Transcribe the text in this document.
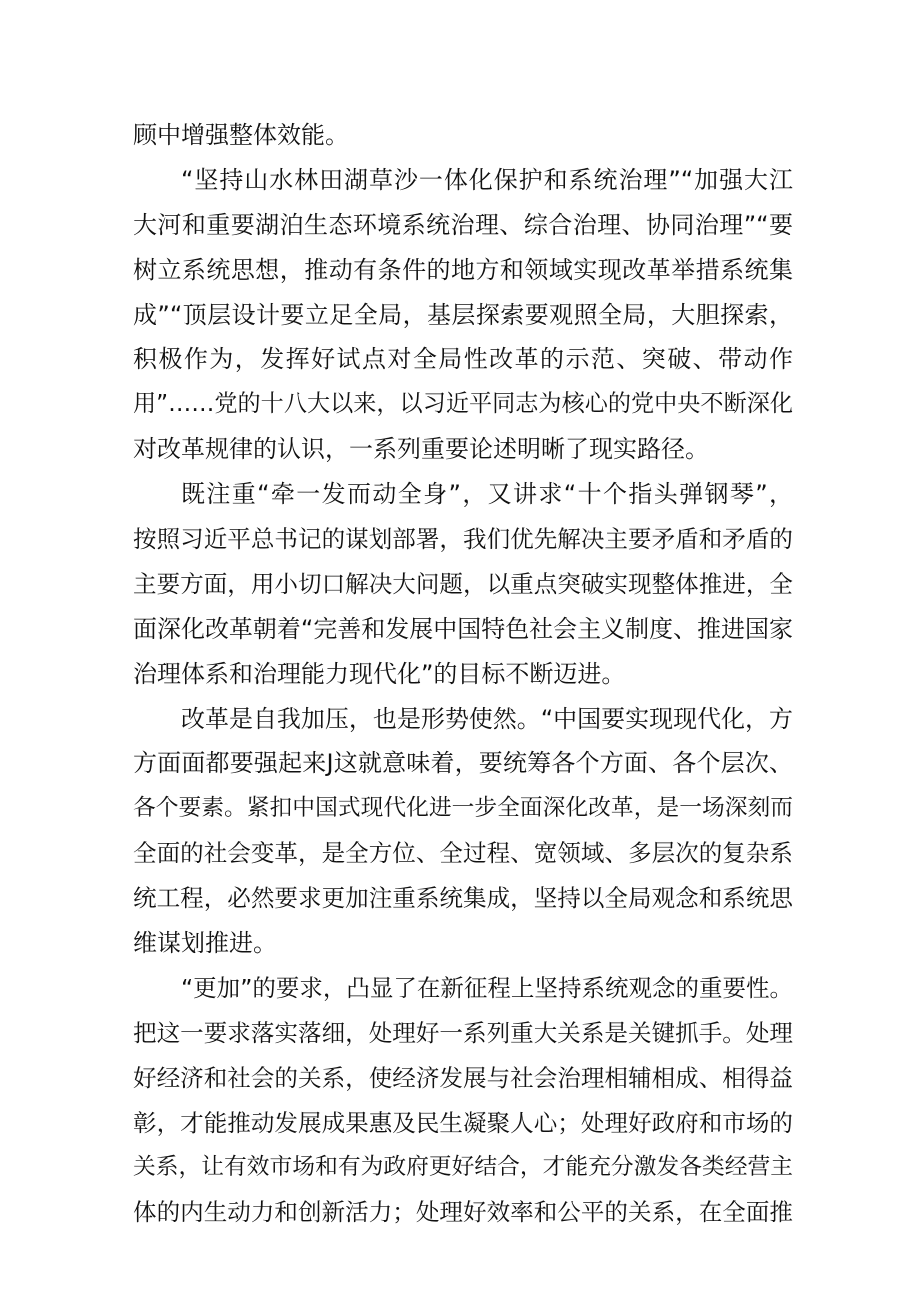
顾中增强整体效能。
“坚持山水林田湖草沙一体化保护和系统治理”“加强大江
大河和重要湖泊生态环境系统治理、综合治理、协同治理”“要
树立系统思想，推动有条件的地方和领域实现改革举措系统集
成”“顶层设计要立足全局，基层探索要观照全局，大胆探索，
积极作为，发挥好试点对全局性改革的示范、突破、带动作
用”……党的十八大以来，以习近平同志为核心的党中央不断深化
对改革规律的认识，一系列重要论述明晰了现实路径。
既注重“牵一发而动全身”，又讲求“十个指头弹钢琴”，
按照习近平总书记的谋划部署，我们优先解决主要矛盾和矛盾的
主要方面，用小切口解决大问题，以重点突破实现整体推进，全
面深化改革朝着“完善和发展中国特色社会主义制度、推进国家
治理体系和治理能力现代化”的目标不断迈进。
改革是自我加压，也是形势使然。“中国要实现现代化，方
方面面都要强起来J这就意味着，要统筹各个方面、各个层次、
各个要素。紧扣中国式现代化进一步全面深化改革，是一场深刻而
全面的社会变革，是全方位、全过程、宽领域、多层次的复杂系
统工程，必然要求更加注重系统集成，坚持以全局观念和系统思
维谋划推进。
“更加”的要求，凸显了在新征程上坚持系统观念的重要性。
把这一要求落实落细，处理好一系列重大关系是关键抓手。处理
好经济和社会的关系，使经济发展与社会治理相辅相成、相得益
彰，才能推动发展成果惠及民生凝聚人心；处理好政府和市场的
关系，让有效市场和有为政府更好结合，才能充分激发各类经营主
体的内生动力和创新活力；处理好效率和公平的关系，在全面推
